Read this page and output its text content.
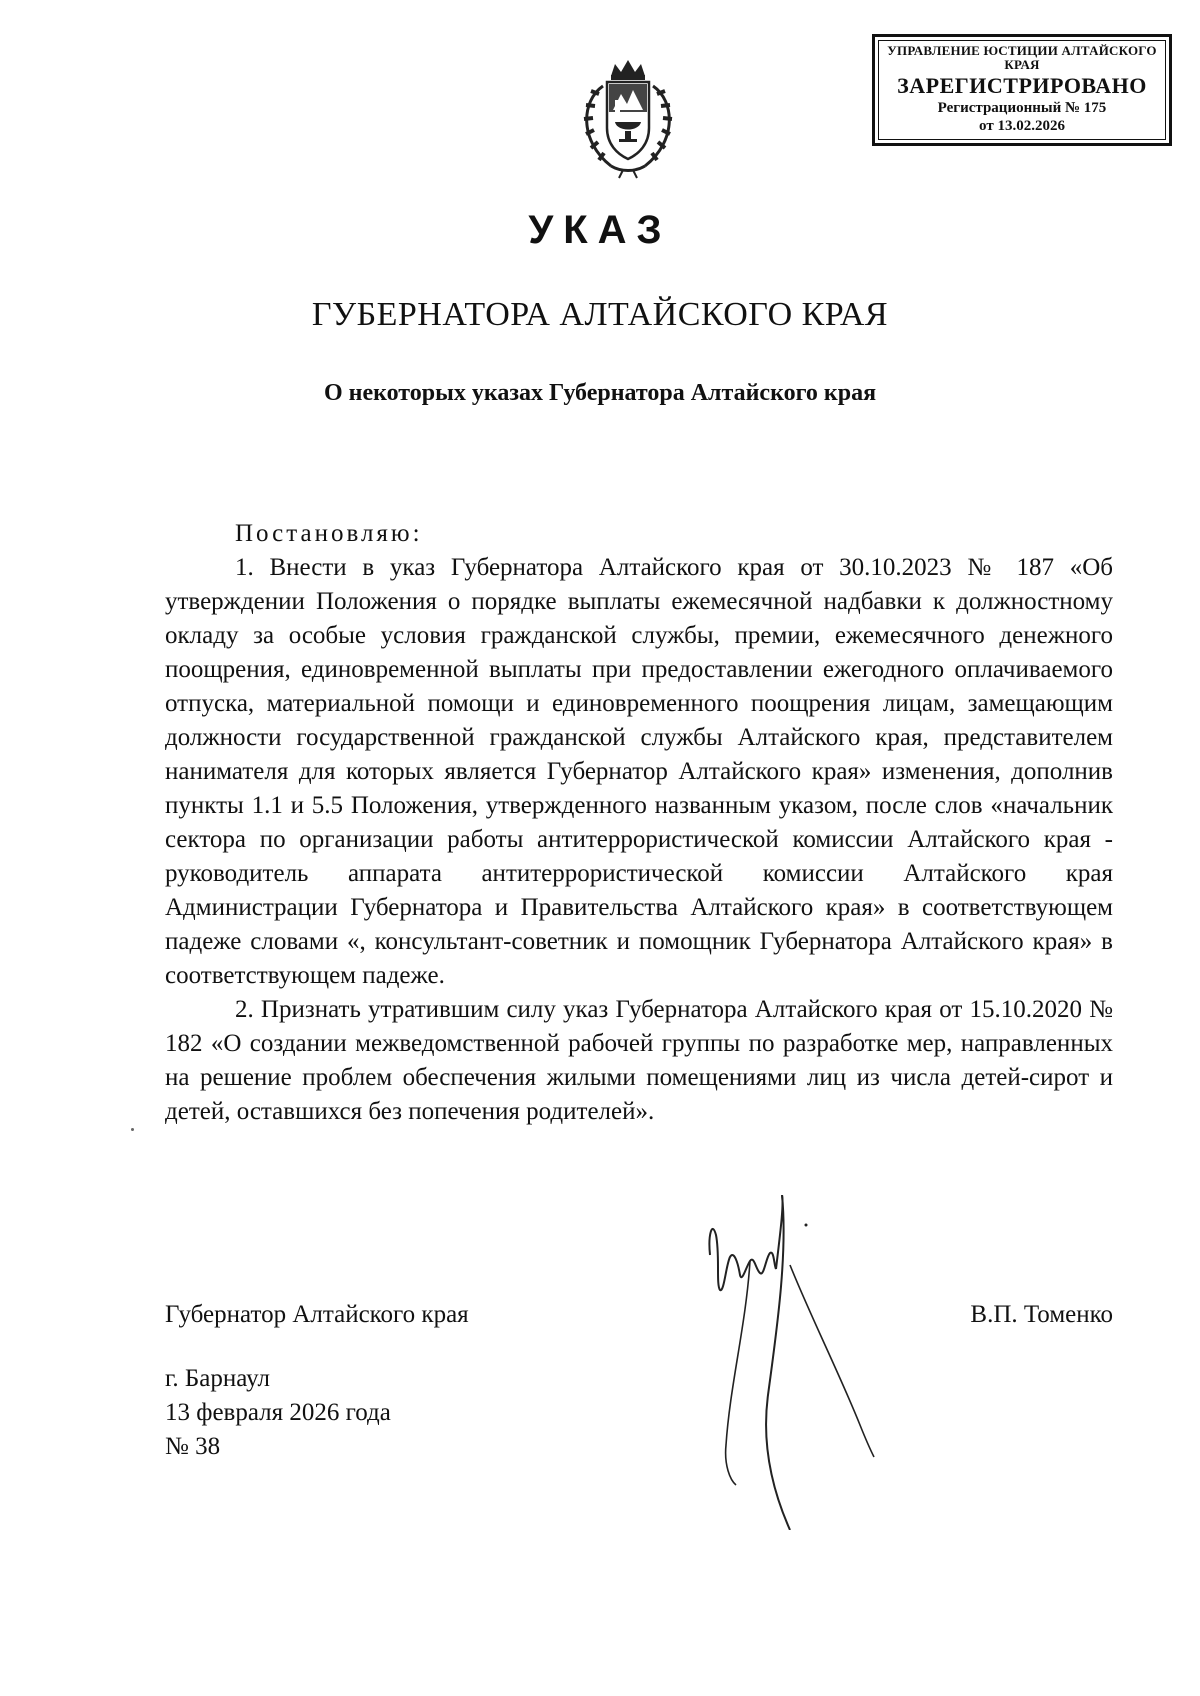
УПРАВЛЕНИЕ ЮСТИЦИИ АЛТАЙСКОГО КРАЯ
ЗАРЕГИСТРИРОВАНО
Регистрационный № 175
от 13.02.2026
УКАЗ
ГУБЕРНАТОРА АЛТАЙСКОГО КРАЯ
О некоторых указах Губернатора Алтайского края

Постановляю:

1. Внести в указ Губернатора Алтайского края от 30.10.2023 № 187 «Об утверждении Положения о порядке выплаты ежемесячной надбавки к должностному окладу за особые условия гражданской службы, премии, ежемесячного денежного поощрения, единовременной выплаты при предоставлении ежегодного оплачиваемого отпуска, материальной помощи и единовременного поощрения лицам, замещающим должности государственной гражданской службы Алтайского края, представителем нанимателя для которых является Губернатор Алтайского края» изменения, дополнив пункты 1.1 и 5.5 Положения, утвержденного названным указом, после слов «начальник сектора по организации работы антитеррористической комиссии Алтайского края - руководитель аппарата антитеррористической комиссии Алтайского края Администрации Губернатора и Правительства Алтайского края» в соответствующем падеже словами «, консультант-советник и помощник Губернатора Алтайского края» в соответствующем падеже.

2. Признать утратившим силу указ Губернатора Алтайского края от 15.10.2020 № 182 «О создании межведомственной рабочей группы по разработке мер, направленных на решение проблем обеспечения жилыми помещениями лиц из числа детей-сирот и детей, оставшихся без попечения родителей».

Губернатор Алтайского края	В.П. Томенко
г. Барнаул
13 февраля 2026 года
№ 38
